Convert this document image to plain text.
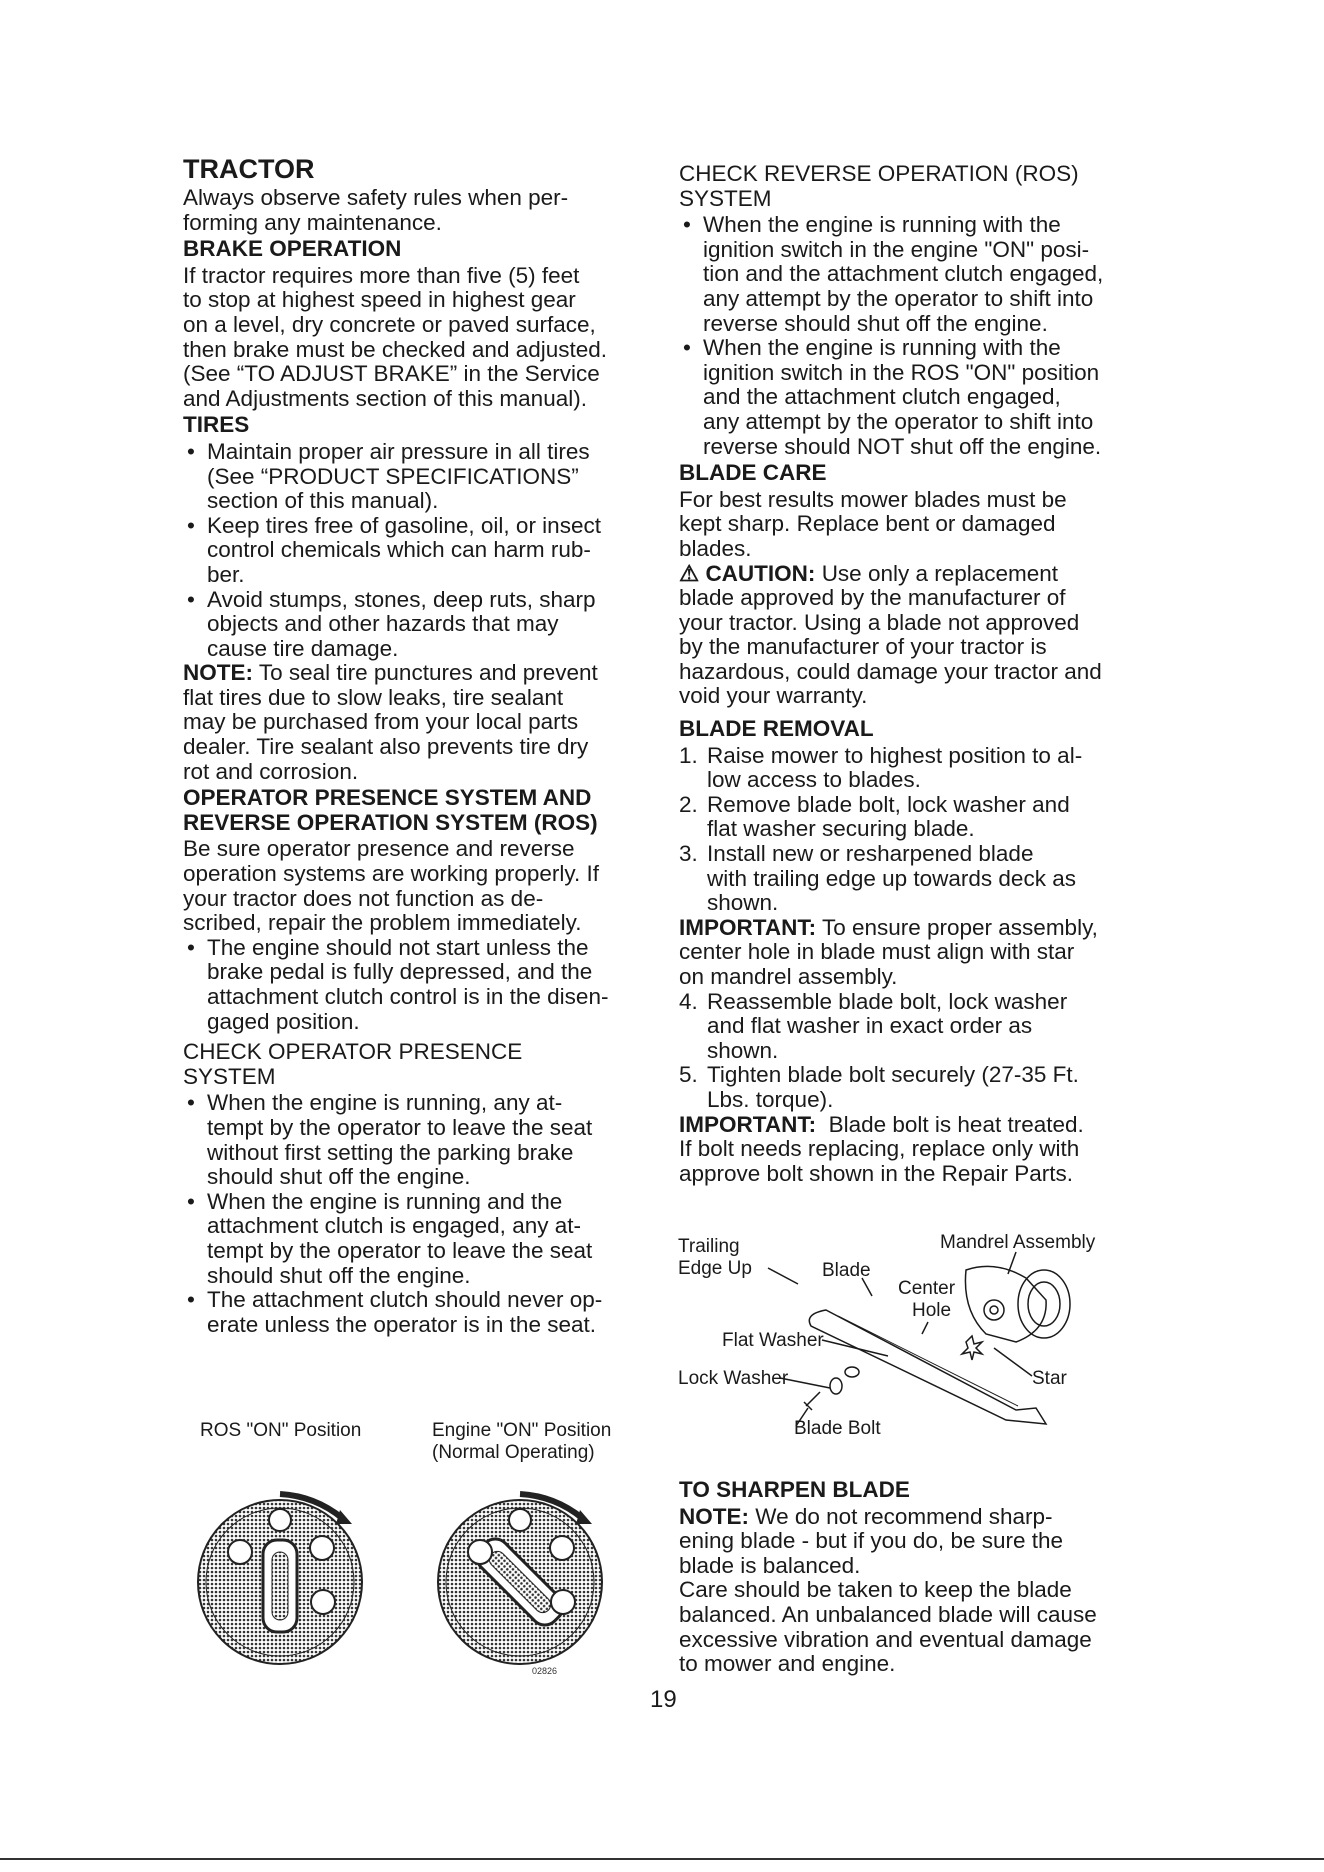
TRACTOR

Always observe safety rules when per-

forming any maintenance.

BRAKE OPERATION

If tractor requires more than five (5) feet

to stop at highest speed in highest gear

on a level, dry concrete or paved surface,

then brake must be checked and adjusted.

(See “TO ADJUST BRAKE” in the Service

and Adjustments section of this manual).

TIRES
• Maintain proper air pressure in all tires
(See “PRODUCT SPECIFICATIONS”
section of this manual).
• Keep tires free of gasoline, oil, or insect
control chemicals which can harm rub-
ber.
• Avoid stumps, stones, deep ruts, sharp
objects and other hazards that may
cause tire damage.

NOTE: To seal tire punctures and prevent

flat tires due to slow leaks, tire sealant

may be purchased from your local parts

dealer. Tire sealant also prevents tire dry

rot and corrosion.

OPERATOR PRESENCE SYSTEM AND
REVERSE OPERATION SYSTEM (ROS)

Be sure operator presence and reverse

operation systems are working properly. If

your tractor does not function as de-

scribed, repair the problem immediately.

• The engine should not start unless the
brake pedal is fully depressed, and the
attachment clutch control is in the disen-
gaged position.
CHECK OPERATOR PRESENCE
SYSTEM
• When the engine is running, any at-
tempt by the operator to leave the seat
without first setting the parking brake
should shut off the engine.
• When the engine is running and the
attachment clutch is engaged, any at-
tempt by the operator to leave the seat
should shut off the engine.
• The attachment clutch should never op-
erate unless the operator is in the seat.
ROS "ON" Position	Engine "ON" Position
(Normal Operating)
02826
CHECK REVERSE OPERATION (ROS)
SYSTEM
• When the engine is running with the
ignition switch in the engine "ON" posi-
tion and the attachment clutch engaged,
any attempt by the operator to shift into
reverse should shut off the engine.
• When the engine is running with the
ignition switch in the ROS "ON" position
and the attachment clutch engaged,
any attempt by the operator to shift into
reverse should NOT shut off the engine.
BLADE CARE

For best results mower blades must be

kept sharp. Replace bent or damaged

blades.

⚠ CAUTION: Use only a replacement

blade approved by the manufacturer of

your tractor. Using a blade not approved

by the manufacturer of your tractor is

hazardous, could damage your tractor and

void your warranty.

BLADE REMOVAL
1. Raise mower to highest position to al-
low access to blades.
2. Remove blade bolt, lock washer and
flat washer securing blade.
3. Install new or resharpened blade
with trailing edge up towards deck as
shown.

IMPORTANT: To ensure proper assembly,

center hole in blade must align with star

on mandrel assembly.

4. Reassemble blade bolt, lock washer
and flat washer in exact order as
shown.
5. Tighten blade bolt securely (27-35 Ft.
Lbs. torque).

IMPORTANT: Blade bolt is heat treated.

If bolt needs replacing, replace only with

approve bolt shown in the Repair Parts.

Trailing
Edge Up	Blade
Mandrel Assembly
Center
Hole
Flat Washer
Lock Washer	Star
Blade Bolt
TO SHARPEN BLADE

NOTE: We do not recommend sharp-

ening blade - but if you do, be sure the

blade is balanced.

Care should be taken to keep the blade

balanced. An unbalanced blade will cause

excessive vibration and eventual damage

to mower and engine.

19
